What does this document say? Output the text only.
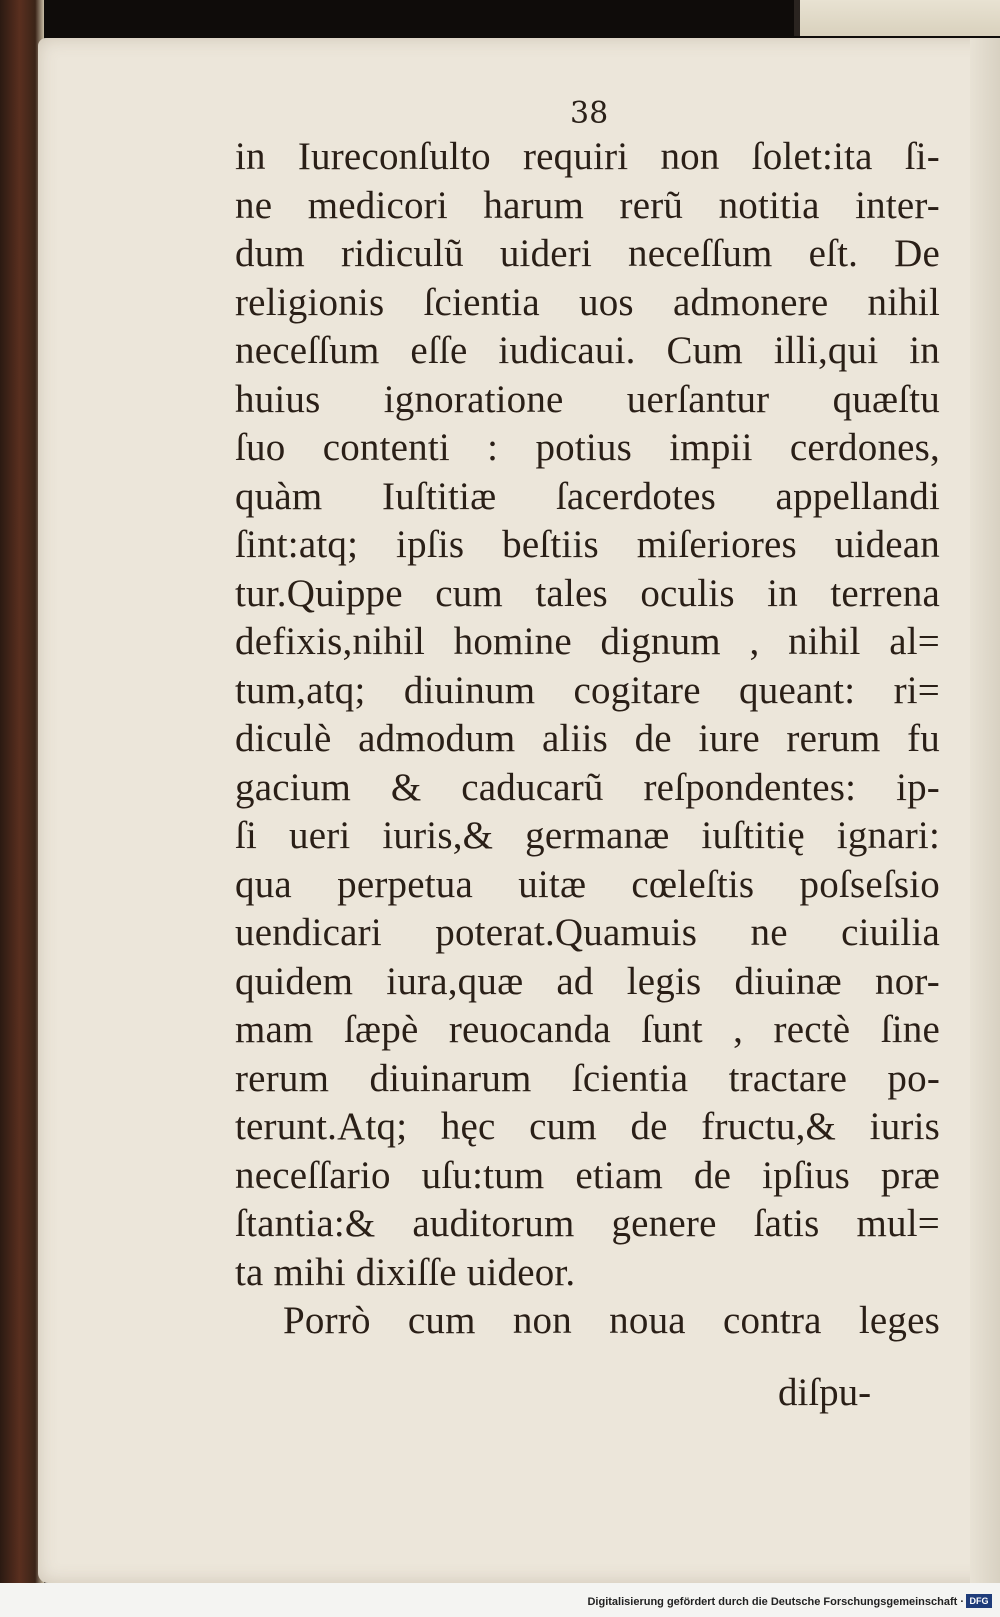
38
in Iureconſulto requiri non ſolet:ita ſi-
ne medicori harum rerũ notitia inter-
dum ridiculũ uideri neceſſum eſt. De
religionis ſcientia uos admonere nihil
neceſſum eſſe iudicaui. Cum illi,qui in
huius ignoratione uerſantur quæſtu
ſuo contenti : potius impii cerdones,
quàm Iuſtitiæ ſacerdotes appellandi
ſint:atq; ipſis beſtiis miſeriores uidean
tur.Quippe cum tales oculis in terrena
defixis,nihil homine dignum , nihil al=
tum,atq; diuinum cogitare queant: ri=
diculè admodum aliis de iure rerum fu
gacium & caducarũ reſpondentes: ip-
ſi ueri iuris,& germanæ iuſtitię ignari:
qua perpetua uitæ cœleſtis poſseſsio
uendicari poterat.Quamuis ne ciuilia
quidem iura,quæ ad legis diuinæ nor-
mam ſæpè reuocanda ſunt , rectè ſine
rerum diuinarum ſcientia tractare po-
terunt.Atq; hęc cum de fructu,& iuris
neceſſario uſu:tum etiam de ipſius præ
ſtantia:& auditorum genere ſatis mul=
ta mihi dixiſſe uideor.
Porrò cum non noua contra leges
diſpu-
Digitalisierung gefördert durch die Deutsche Forschungsgemeinschaft · DFG
